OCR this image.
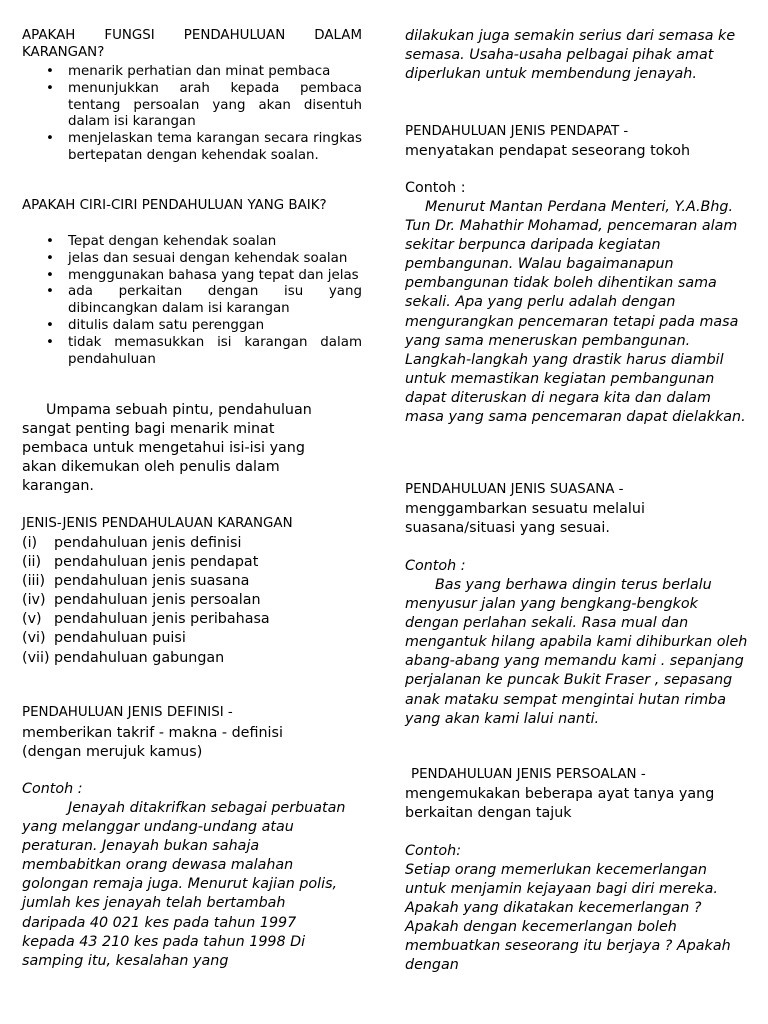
APAKAH FUNGSI PENDAHULUAN DALAM KARANGAN?

• menarik perhatian dan minat pembaca
• menunjukkan arah kepada pembaca tentang persoalan yang akan disentuh dalam isi karangan
• menjelaskan tema karangan secara ringkas bertepatan dengan kehendak soalan.

APAKAH CIRI-CIRI PENDAHULUAN YANG BAIK?

• Tepat dengan kehendak soalan
• jelas dan sesuai dengan kehendak soalan
• menggunakan bahasa yang tepat dan jelas
• ada perkaitan dengan isu yang dibincangkan dalam isi karangan
• ditulis dalam satu perenggan
• tidak memasukkan isi karangan dalam pendahuluan

Umpama sebuah pintu, pendahuluan sangat penting bagi menarik minat pembaca untuk mengetahui isi-isi yang akan dikemukan oleh penulis dalam karangan.

JENIS-JENIS PENDAHULAUAN KARANGAN

(i) pendahuluan jenis definisi
(ii) pendahuluan jenis pendapat
(iii) pendahuluan jenis suasana
(iv) pendahuluan jenis persoalan
(v) pendahuluan jenis peribahasa
(vi) pendahuluan puisi
(vii) pendahuluan gabungan

PENDAHULUAN JENIS DEFINISI -

memberikan takrif - makna - definisi (dengan merujuk kamus)

Contoh :

Jenayah ditakrifkan sebagai perbuatan yang melanggar undang-undang atau peraturan. Jenayah bukan sahaja membabitkan orang dewasa malahan golongan remaja juga. Menurut kajian polis, jumlah kes jenayah telah bertambah daripada 40 021 kes pada tahun 1997 kepada 43 210 kes pada tahun 1998 Di samping itu, kesalahan yang

dilakukan juga semakin serius dari semasa ke semasa. Usaha-usaha pelbagai pihak amat diperlukan untuk membendung jenayah.

PENDAHULUAN JENIS PENDAPAT -

menyatakan pendapat seseorang tokoh

Contoh :

Menurut Mantan Perdana Menteri, Y.A.Bhg. Tun Dr. Mahathir Mohamad, pencemaran alam sekitar berpunca daripada kegiatan pembangunan. Walau bagaimanapun pembangunan tidak boleh dihentikan sama sekali. Apa yang perlu adalah dengan mengurangkan pencemaran tetapi pada masa yang sama meneruskan pembangunan. Langkah-langkah yang drastik harus diambil untuk memastikan kegiatan pembangunan dapat diteruskan di negara kita dan dalam masa yang sama pencemaran dapat dielakkan.

PENDAHULUAN JENIS SUASANA -

menggambarkan sesuatu melalui suasana/situasi yang sesuai.

Contoh :

Bas yang berhawa dingin terus berlalu menyusur jalan yang bengkang-bengkok dengan perlahan sekali. Rasa mual dan mengantuk hilang apabila kami dihiburkan oleh abang-abang yang memandu kami . sepanjang perjalanan ke puncak Bukit Fraser , sepasang anak mataku sempat mengintai hutan rimba yang akan kami lalui nanti.

PENDAHULUAN JENIS PERSOALAN -

mengemukakan beberapa ayat tanya yang berkaitan dengan tajuk

Contoh:

Setiap orang memerlukan kecemerlangan untuk menjamin kejayaan bagi diri mereka. Apakah yang dikatakan kecemerlangan ? Apakah dengan kecemerlangan boleh membuatkan seseorang itu berjaya ? Apakah dengan
